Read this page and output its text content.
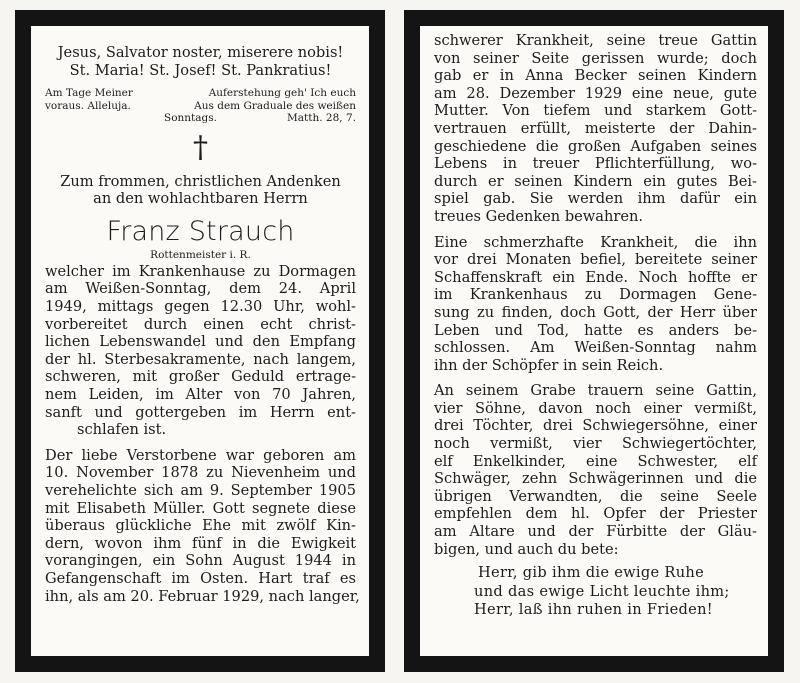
Jesus, Salvator noster, miserere nobis!
St. Maria! St. Josef! St. Pankratius!
Am Tage Meiner	Auferstehung geh' Ich euch
voraus. Alleluja.	Aus dem Graduale des weißen
Sonntags.	Matth. 28, 7.
†
Zum frommen, christlichen Andenken
an den wohlachtbaren Herrn
Franz Strauch
Rottenmeister i. R.
welcher im Krankenhause zu Dormagen
am Weißen-Sonntag, dem 24. April
1949, mittags gegen 12.30 Uhr, wohl-
vorbereitet durch einen echt christ-
lichen Lebenswandel und den Empfang
der hl. Sterbesakramente, nach langem,
schweren, mit großer Geduld ertrage-
nem Leiden, im Alter von 70 Jahren,
sanft und gottergeben im Herrn ent-
schlafen ist.
Der liebe Verstorbene war geboren am
10. November 1878 zu Nievenheim und
verehelichte sich am 9. September 1905
mit Elisabeth Müller. Gott segnete diese
überaus glückliche Ehe mit zwölf Kin-
dern, wovon ihm fünf in die Ewigkeit
vorangingen, ein Sohn August 1944 in
Gefangenschaft im Osten. Hart traf es
ihn, als am 20. Februar 1929, nach langer,
schwerer Krankheit, seine treue Gattin
von seiner Seite gerissen wurde; doch
gab er in Anna Becker seinen Kindern
am 28. Dezember 1929 eine neue, gute
Mutter. Von tiefem und starkem Gott-
vertrauen erfüllt, meisterte der Dahin-
geschiedene die großen Aufgaben seines
Lebens in treuer Pflichterfüllung, wo-
durch er seinen Kindern ein gutes Bei-
spiel gab. Sie werden ihm dafür ein
treues Gedenken bewahren.
Eine schmerzhafte Krankheit, die ihn
vor drei Monaten befiel, bereitete seiner
Schaffenskraft ein Ende. Noch hoffte er
im Krankenhaus zu Dormagen Gene-
sung zu finden, doch Gott, der Herr über
Leben und Tod, hatte es anders be-
schlossen. Am Weißen-Sonntag nahm
ihn der Schöpfer in sein Reich.
An seinem Grabe trauern seine Gattin,
vier Söhne, davon noch einer vermißt,
drei Töchter, drei Schwiegersöhne, einer
noch vermißt, vier Schwiegertöchter,
elf Enkelkinder, eine Schwester, elf
Schwäger, zehn Schwägerinnen und die
übrigen Verwandten, die seine Seele
empfehlen dem hl. Opfer der Priester
am Altare und der Fürbitte der Gläu-
bigen, und auch du bete:
Herr, gib ihm die ewige Ruhe
und das ewige Licht leuchte ihm;
Herr, laß ihn ruhen in Frieden!
